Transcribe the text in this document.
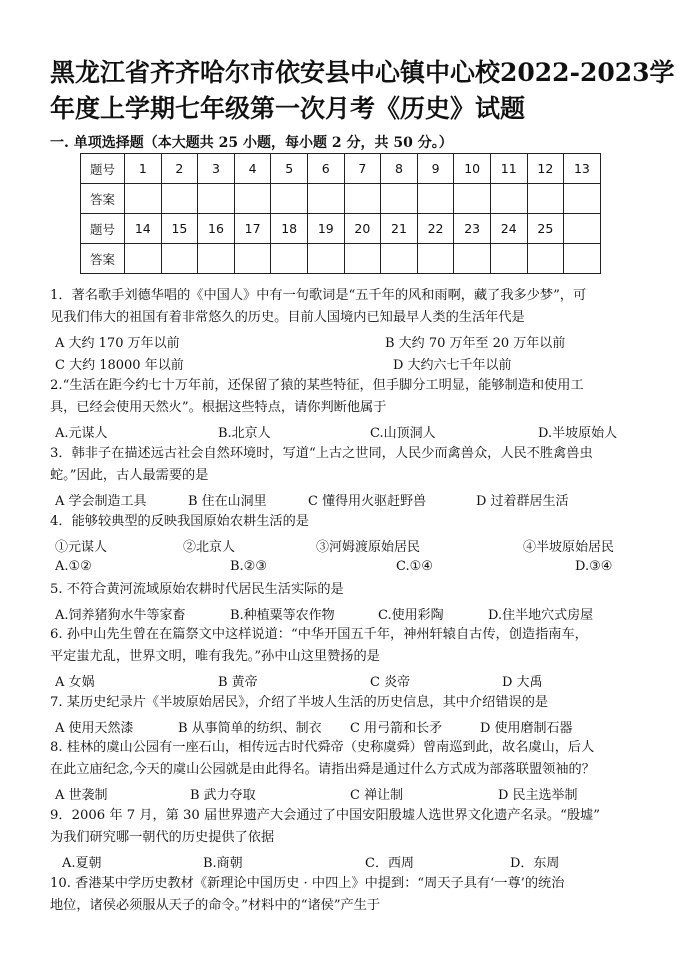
黑龙江省齐齐哈尔市依安县中心镇中心校2022-2023学
年度上学期七年级第一次月考《历史》试题
一. 单项选择题（本大题共 25 小题，每小题 2 分，共 50 分。）
题号	1	2	3	4	5	6	7	8	9	10	11	12	13
答案													
题号	14	15	16	17	18	19	20	21	22	23	24	25	
答案													
1．著名歌手刘德华唱的《中国人》中有一句歌词是“五千年的风和雨啊，藏了我多少梦”，可
见我们伟大的祖国有着非常悠久的历史。目前人国境内已知最早人类的生活年代是
A 大约 170 万年以前	B 大约 70 万年至 20 万年以前
C 大约 18000 年以前	D 大约六七千年以前
2.“生活在距今约七十万年前，还保留了猿的某些特征，但手脚分工明显，能够制造和使用工
具，已经会使用天然火”。根据这些特点，请你判断他属于
A.元谋人	B.北京人	C.山顶洞人	D.半坡原始人
3．韩非子在描述远古社会自然环境时，写道“上古之世同，人民少而禽兽众，人民不胜禽兽虫
蛇。”因此，古人最需要的是
A 学会制造工具	B 住在山洞里	C 懂得用火驱赶野兽	D 过着群居生活
4．能够较典型的反映我国原始农耕生活的是
①元谋人	②北京人	③河姆渡原始居民	④半坡原始居民
A.①②	B.②③	C.①④	D.③④
5. 不符合黄河流域原始农耕时代居民生活实际的是
A.饲养猪狗水牛等家畜	B.种植粟等农作物	C.使用彩陶	D.住半地穴式房屋
6. 孙中山先生曾在在篇祭文中这样说道：“中华开国五千年，神州轩辕自古传，创造指南车，
平定蚩尤乱，世界文明，唯有我先。”孙中山这里赞扬的是
A 女娲	B 黄帝	C 炎帝	D 大禹
7. 某历史纪录片《半坡原始居民》，介绍了半坡人生活的历史信息，其中介绍错误的是
A 使用天然漆	B 从事简单的纺织、制衣 C 用弓箭和长矛	D 使用磨制石器
8. 桂林的虞山公园有一座石山，相传远古时代舜帝（史称虞舜）曾南巡到此，故名虞山，后人
在此立庙纪念,今天的虞山公园就是由此得名。请指出舜是通过什么方式成为部落联盟领袖的？
A 世袭制	B 武力夺取	C 禅让制	D 民主选举制
9．2006 年 7 月，第 30 届世界遗产大会通过了中国安阳殷墟人选世界文化遗产名录。“殷墟”
为我们研究哪一朝代的历史提供了依据
A.夏朝	B.商朝	C．西周	D．东周
10. 香港某中学历史教材《新理论中国历史 · 中四上》中提到：“周天子具有‘一尊’的统治
地位，诸侯必须服从天子的命令。”材料中的“诸侯”产生于
